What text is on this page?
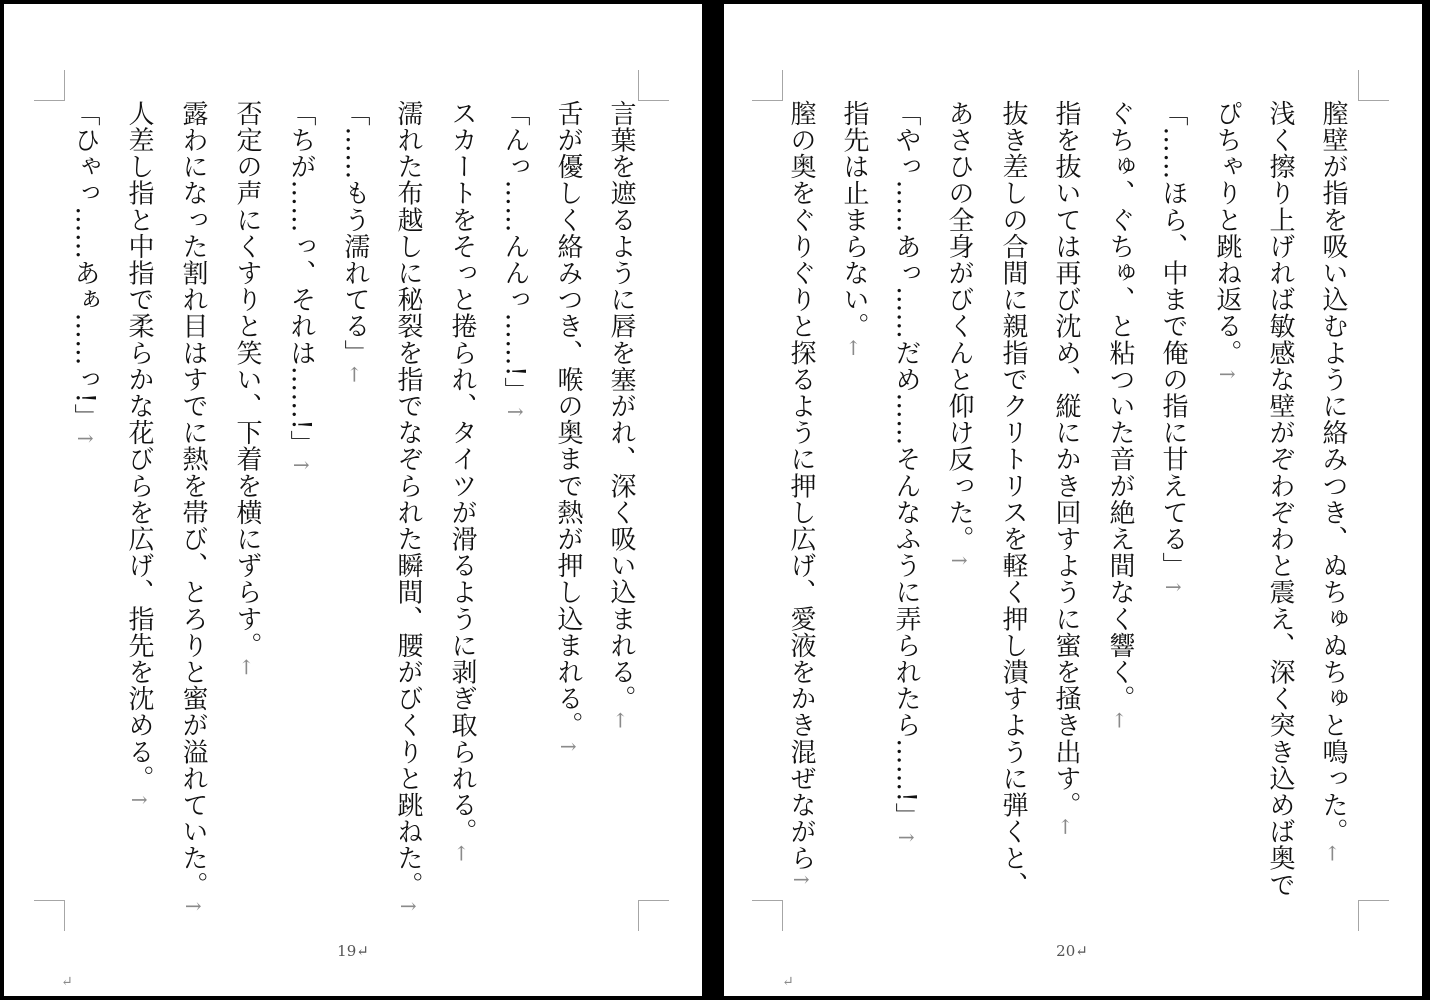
言葉を遮るように唇を塞がれ、深く吸い込まれる。←
舌が優しく絡みつき、喉の奥まで熱が押し込まれる。↑
「んっ……んんっ……!」↑
スカートをそっと捲られ、タイツが滑るように剥ぎ取られる。←
濡れた布越しに秘裂を指でなぞられた瞬間、腰がびくりと跳ねた。↑
「……もう濡れてる」←
「ちが……っ、それは……!」↑
否定の声にくすりと笑い、下着を横にずらす。←
露わになった割れ目はすでに熱を帯び、とろりと蜜が溢れていた。↑
人差し指と中指で柔らかな花びらを広げ、指先を沈める。↑
「ひゃっ……あぁ……っ!」↑
19↵
↵
膣壁が指を吸い込むように絡みつき、ぬちゅぬちゅと鳴った。←
浅く擦り上げれば敏感な壁がぞわぞわと震え、深く突き込めば奥で
ぴちゃりと跳ね返る。↑
「……ほら、中まで俺の指に甘えてる」↑
ぐちゅ、ぐちゅ、と粘ついた音が絶え間なく響く。←
指を抜いては再び沈め、縦にかき回すように蜜を掻き出す。←
抜き差しの合間に親指でクリトリスを軽く押し潰すように弾くと、
あさひの全身がびくんと仰け反った。↑
「やっ……あっ……だめ……そんなふうに弄られたら……!」↑
指先は止まらない。←
膣の奥をぐりぐりと探るように押し広げ、愛液をかき混ぜながら↑
20↵
↵
